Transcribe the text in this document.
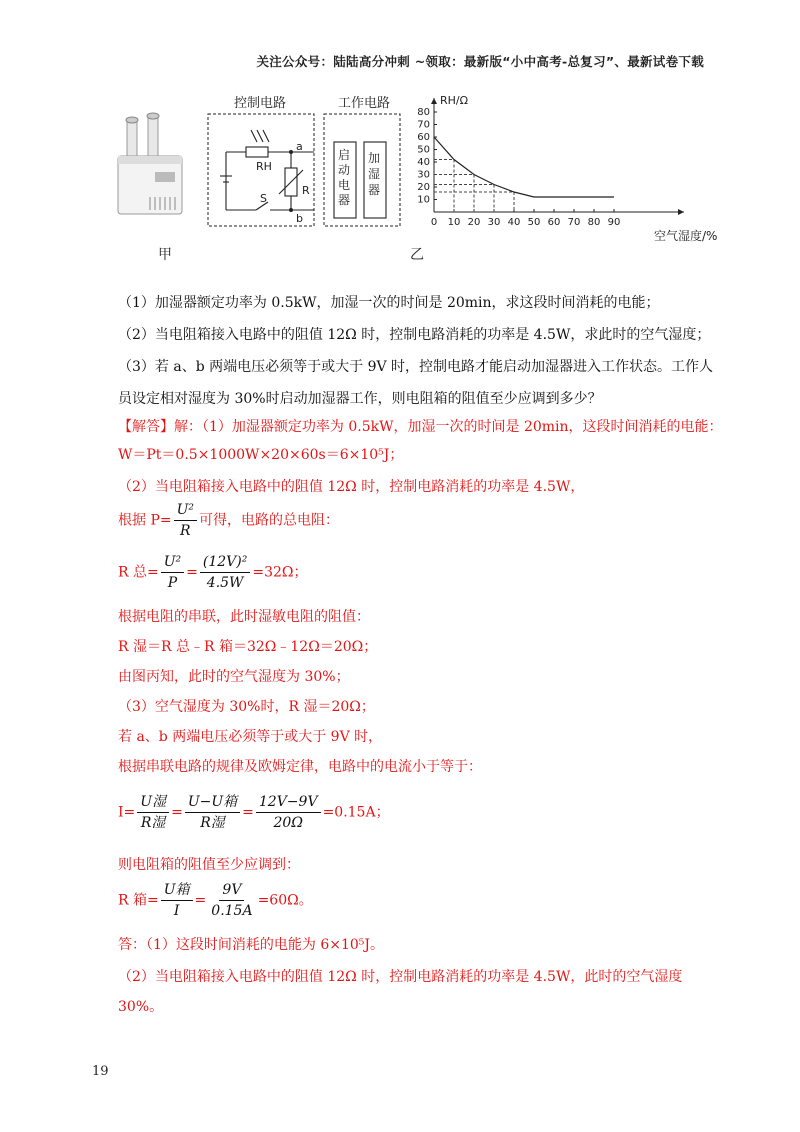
关注公众号：陆陆高分冲刺 ~领取：最新版“小中高考-总复习”、最新试卷下载
甲
控制电路	工作电路
RH
R
S
a
b
启动电器
加湿器
RH/Ω
空气湿度/%
80
70
60
50
40
30
20
10
0 10 20 30 40 50 60 70 80 90
乙
（1）加湿器额定功率为 0.5kW，加湿一次的时间是 20min，求这段时间消耗的电能；
（2）当电阻箱接入电路中的阻值 12Ω 时，控制电路消耗的功率是 4.5W，求此时的空气湿度；
（3）若 a、b 两端电压必须等于或大于 9V 时，控制电路才能启动加湿器进入工作状态。工作人
员设定相对湿度为 30%时启动加湿器工作，则电阻箱的阻值至少应调到多少？
【解答】解：（1）加湿器额定功率为 0.5kW，加湿一次的时间是 20min，这段时间消耗的电能：
W＝Pt＝0.5×1000W×20×60s＝6×10⁵J；
（2）当电阻箱接入电路中的阻值 12Ω 时，控制电路消耗的功率是 4.5W，
根据 $P= \frac{\text{U²}}{R}$ 可得，电路的总电阻：
R 总= $\frac{\text{U²}}{P} = \frac{\text{(12V)²}}{4.5W} =32\Omega$；
根据电阻的串联，此时湿敏电阻的阻值：
R 湿＝R 总﹣R 箱＝32Ω﹣12Ω＝20Ω；
由图丙知，此时的空气湿度为 30%；
（3）空气湿度为 30%时，R 湿＝20Ω；
若 a、b 两端电压必须等于或大于 9V 时，
根据串联电路的规律及欧姆定律，电路中的电流小于等于：
$I= \frac{\text{U湿}}{\text{R湿}} = \frac{\text{U−U箱}}{\text{R湿}} = \frac{12V-9V}{20\Omega} =0.15A$；
则电阻箱的阻值至少应调到：
R 箱= $\frac{\text{U箱}}{I} = \frac{9V}{0.15A} =60\Omega$。
答：（1）这段时间消耗的电能为 6×10⁵J。
（2）当电阻箱接入电路中的阻值 12Ω 时，控制电路消耗的功率是 4.5W，此时的空气湿度
30%。
19
